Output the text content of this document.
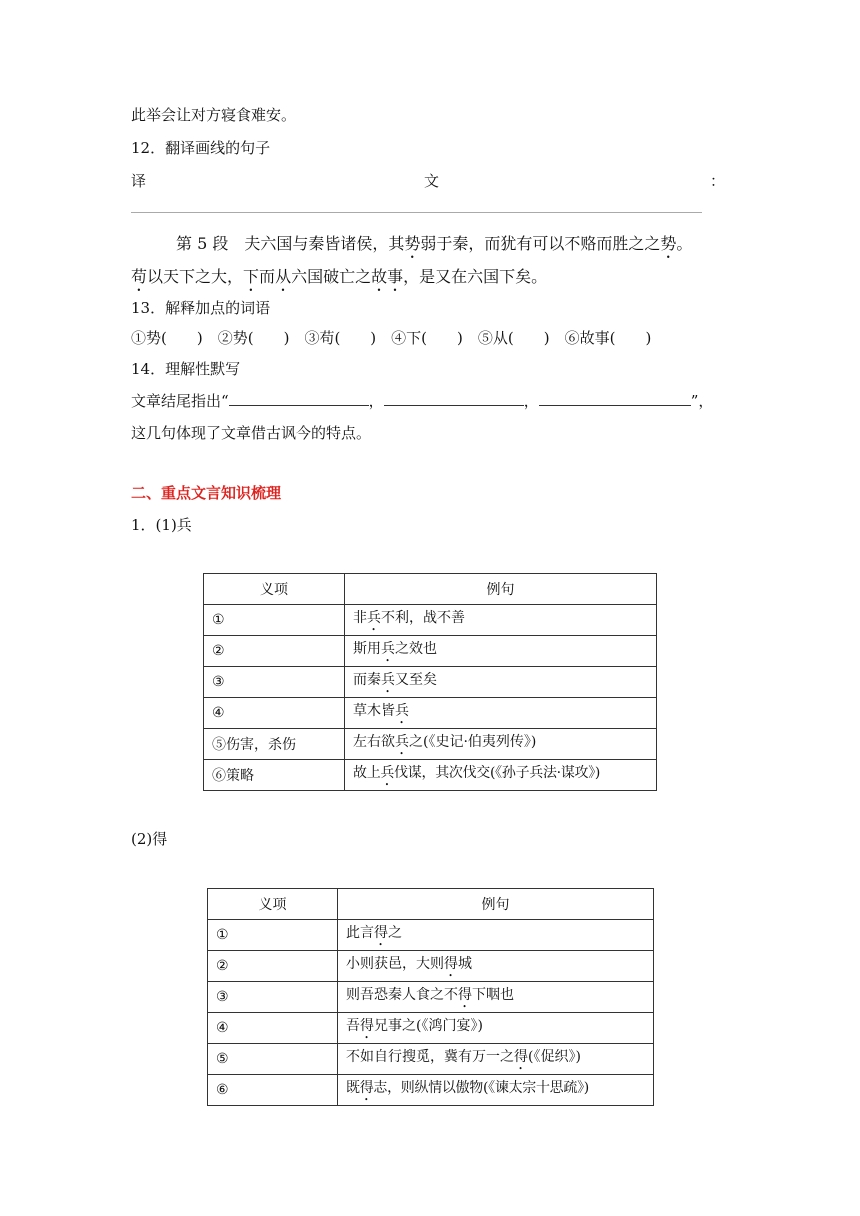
此举会让对方寝食难安。
12．翻译画线的句子
译	文	：
第 5 段  夫六国与秦皆诸侯，其势弱于秦，而犹有可以不赂而胜之之势。
苟以天下之大，下而从六国破亡之故事，是又在六国下矣。
13．解释加点的词语
①势(　　)  ②势(　　)  ③苟(　　)  ④下(　　)  ⑤从(　　)  ⑥故事(　　)
14．理解性默写
文章结尾指出“	，	，	”，
这几句体现了文章借古讽今的特点。
二、重点文言知识梳理
1．(1)兵
义项	例句
①	非兵不利，战不善
②	斯用兵之效也
③	而秦兵又至矣
④	草木皆兵
⑤伤害，杀伤	左右欲兵之(《史记·伯夷列传》)
⑥策略	故上兵伐谋，其次伐交(《孙子兵法·谋攻》)
(2)得
义项	例句
①	此言得之
②	小则获邑，大则得城
③	则吾恐秦人食之不得下咽也
④	吾得兄事之(《鸿门宴》)
⑤	不如自行搜觅，冀有万一之得(《促织》)
⑥	既得志，则纵情以傲物(《谏太宗十思疏》)
